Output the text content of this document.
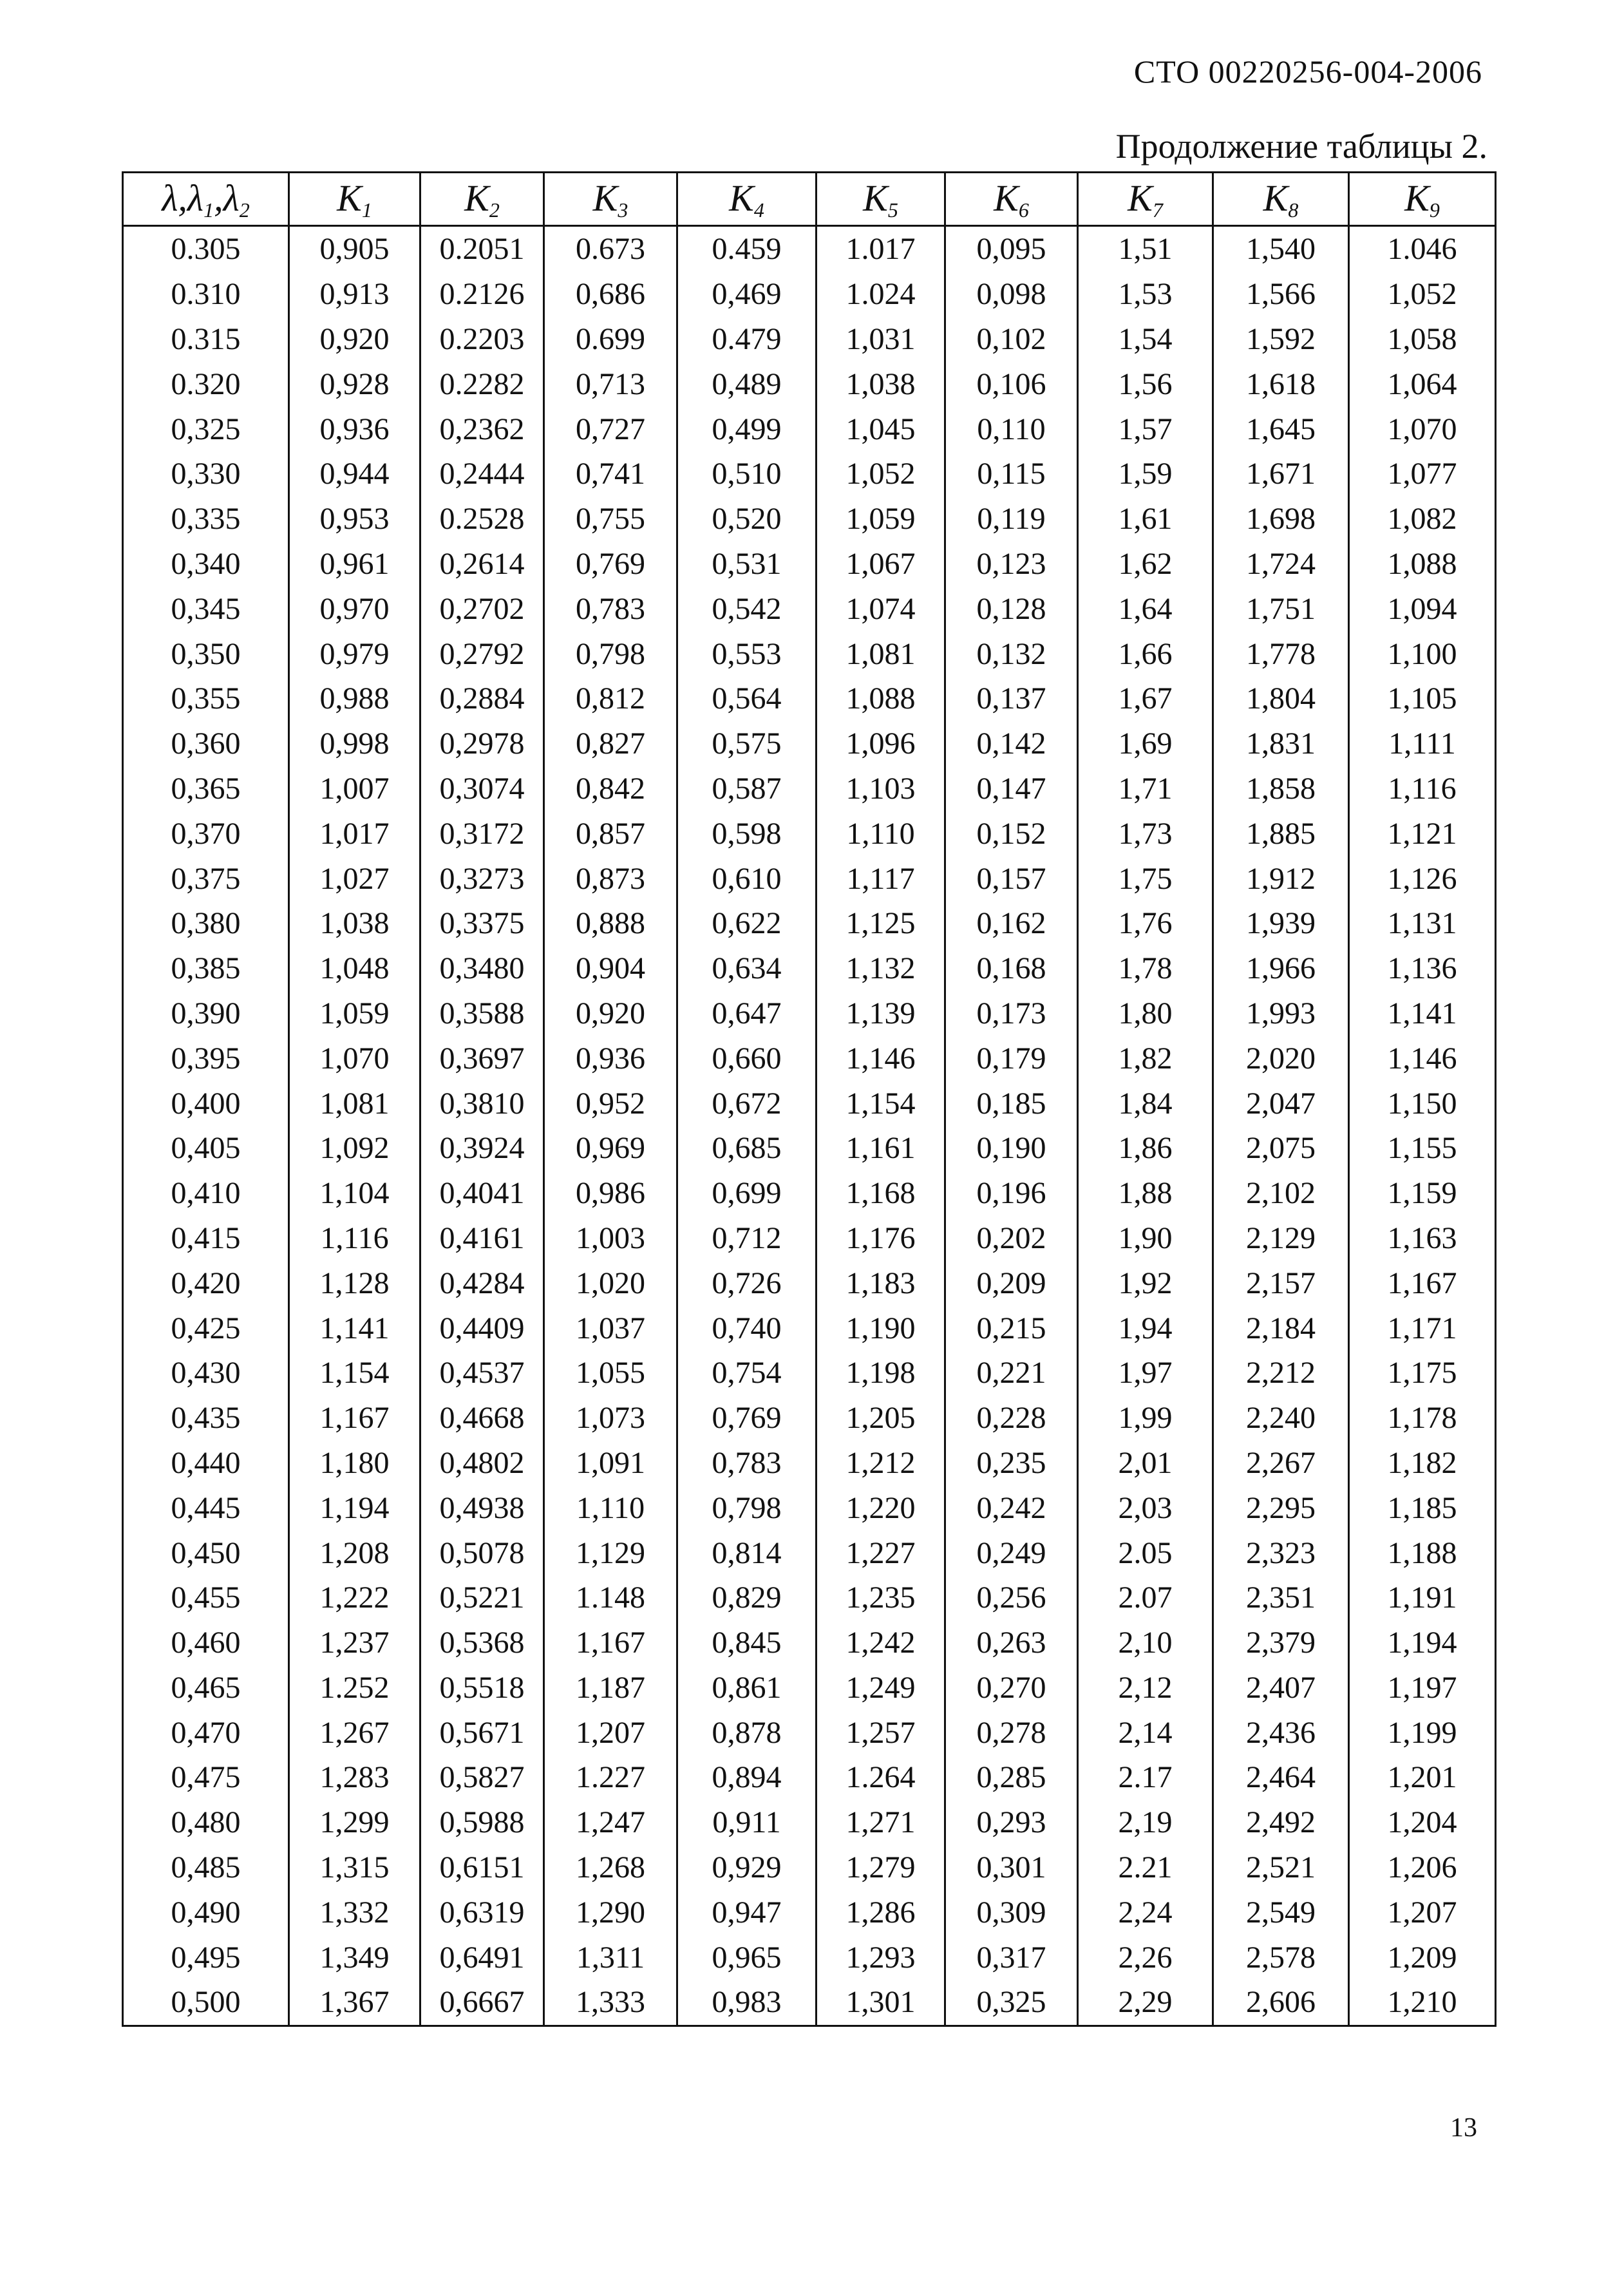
СТО 00220256-004-2006
Продолжение таблицы 2.
$\lambda,\lambda_1,\lambda_2$	$K_1$	$K_2$	$K_3$	$K_4$	$K_5$	$K_6$	$K_7$	$K_8$	$K_9$
0.305	0,905	0.2051	0.673	0.459	1.017	0,095	1,51	1,540	1.046
0.310	0,913	0.2126	0,686	0,469	1.024	0,098	1,53	1,566	1,052
0.315	0,920	0.2203	0.699	0.479	1,031	0,102	1,54	1,592	1,058
0.320	0,928	0.2282	0,713	0,489	1,038	0,106	1,56	1,618	1,064
0,325	0,936	0,2362	0,727	0,499	1,045	0,110	1,57	1,645	1,070
0,330	0,944	0,2444	0,741	0,510	1,052	0,115	1,59	1,671	1,077
0,335	0,953	0.2528	0,755	0,520	1,059	0,119	1,61	1,698	1,082
0,340	0,961	0,2614	0,769	0,531	1,067	0,123	1,62	1,724	1,088
0,345	0,970	0,2702	0,783	0,542	1,074	0,128	1,64	1,751	1,094
0,350	0,979	0,2792	0,798	0,553	1,081	0,132	1,66	1,778	1,100
0,355	0,988	0,2884	0,812	0,564	1,088	0,137	1,67	1,804	1,105
0,360	0,998	0,2978	0,827	0,575	1,096	0,142	1,69	1,831	1,111
0,365	1,007	0,3074	0,842	0,587	1,103	0,147	1,71	1,858	1,116
0,370	1,017	0,3172	0,857	0,598	1,110	0,152	1,73	1,885	1,121
0,375	1,027	0,3273	0,873	0,610	1,117	0,157	1,75	1,912	1,126
0,380	1,038	0,3375	0,888	0,622	1,125	0,162	1,76	1,939	1,131
0,385	1,048	0,3480	0,904	0,634	1,132	0,168	1,78	1,966	1,136
0,390	1,059	0,3588	0,920	0,647	1,139	0,173	1,80	1,993	1,141
0,395	1,070	0,3697	0,936	0,660	1,146	0,179	1,82	2,020	1,146
0,400	1,081	0,3810	0,952	0,672	1,154	0,185	1,84	2,047	1,150
0,405	1,092	0,3924	0,969	0,685	1,161	0,190	1,86	2,075	1,155
0,410	1,104	0,4041	0,986	0,699	1,168	0,196	1,88	2,102	1,159
0,415	1,116	0,4161	1,003	0,712	1,176	0,202	1,90	2,129	1,163
0,420	1,128	0,4284	1,020	0,726	1,183	0,209	1,92	2,157	1,167
0,425	1,141	0,4409	1,037	0,740	1,190	0,215	1,94	2,184	1,171
0,430	1,154	0,4537	1,055	0,754	1,198	0,221	1,97	2,212	1,175
0,435	1,167	0,4668	1,073	0,769	1,205	0,228	1,99	2,240	1,178
0,440	1,180	0,4802	1,091	0,783	1,212	0,235	2,01	2,267	1,182
0,445	1,194	0,4938	1,110	0,798	1,220	0,242	2,03	2,295	1,185
0,450	1,208	0,5078	1,129	0,814	1,227	0,249	2.05	2,323	1,188
0,455	1,222	0,5221	1.148	0,829	1,235	0,256	2.07	2,351	1,191
0,460	1,237	0,5368	1,167	0,845	1,242	0,263	2,10	2,379	1,194
0,465	1.252	0,5518	1,187	0,861	1,249	0,270	2,12	2,407	1,197
0,470	1,267	0,5671	1,207	0,878	1,257	0,278	2,14	2,436	1,199
0,475	1,283	0,5827	1.227	0,894	1.264	0,285	2.17	2,464	1,201
0,480	1,299	0,5988	1,247	0,911	1,271	0,293	2,19	2,492	1,204
0,485	1,315	0,6151	1,268	0,929	1,279	0,301	2.21	2,521	1,206
0,490	1,332	0,6319	1,290	0,947	1,286	0,309	2,24	2,549	1,207
0,495	1,349	0,6491	1,311	0,965	1,293	0,317	2,26	2,578	1,209
0,500	1,367	0,6667	1,333	0,983	1,301	0,325	2,29	2,606	1,210
13
